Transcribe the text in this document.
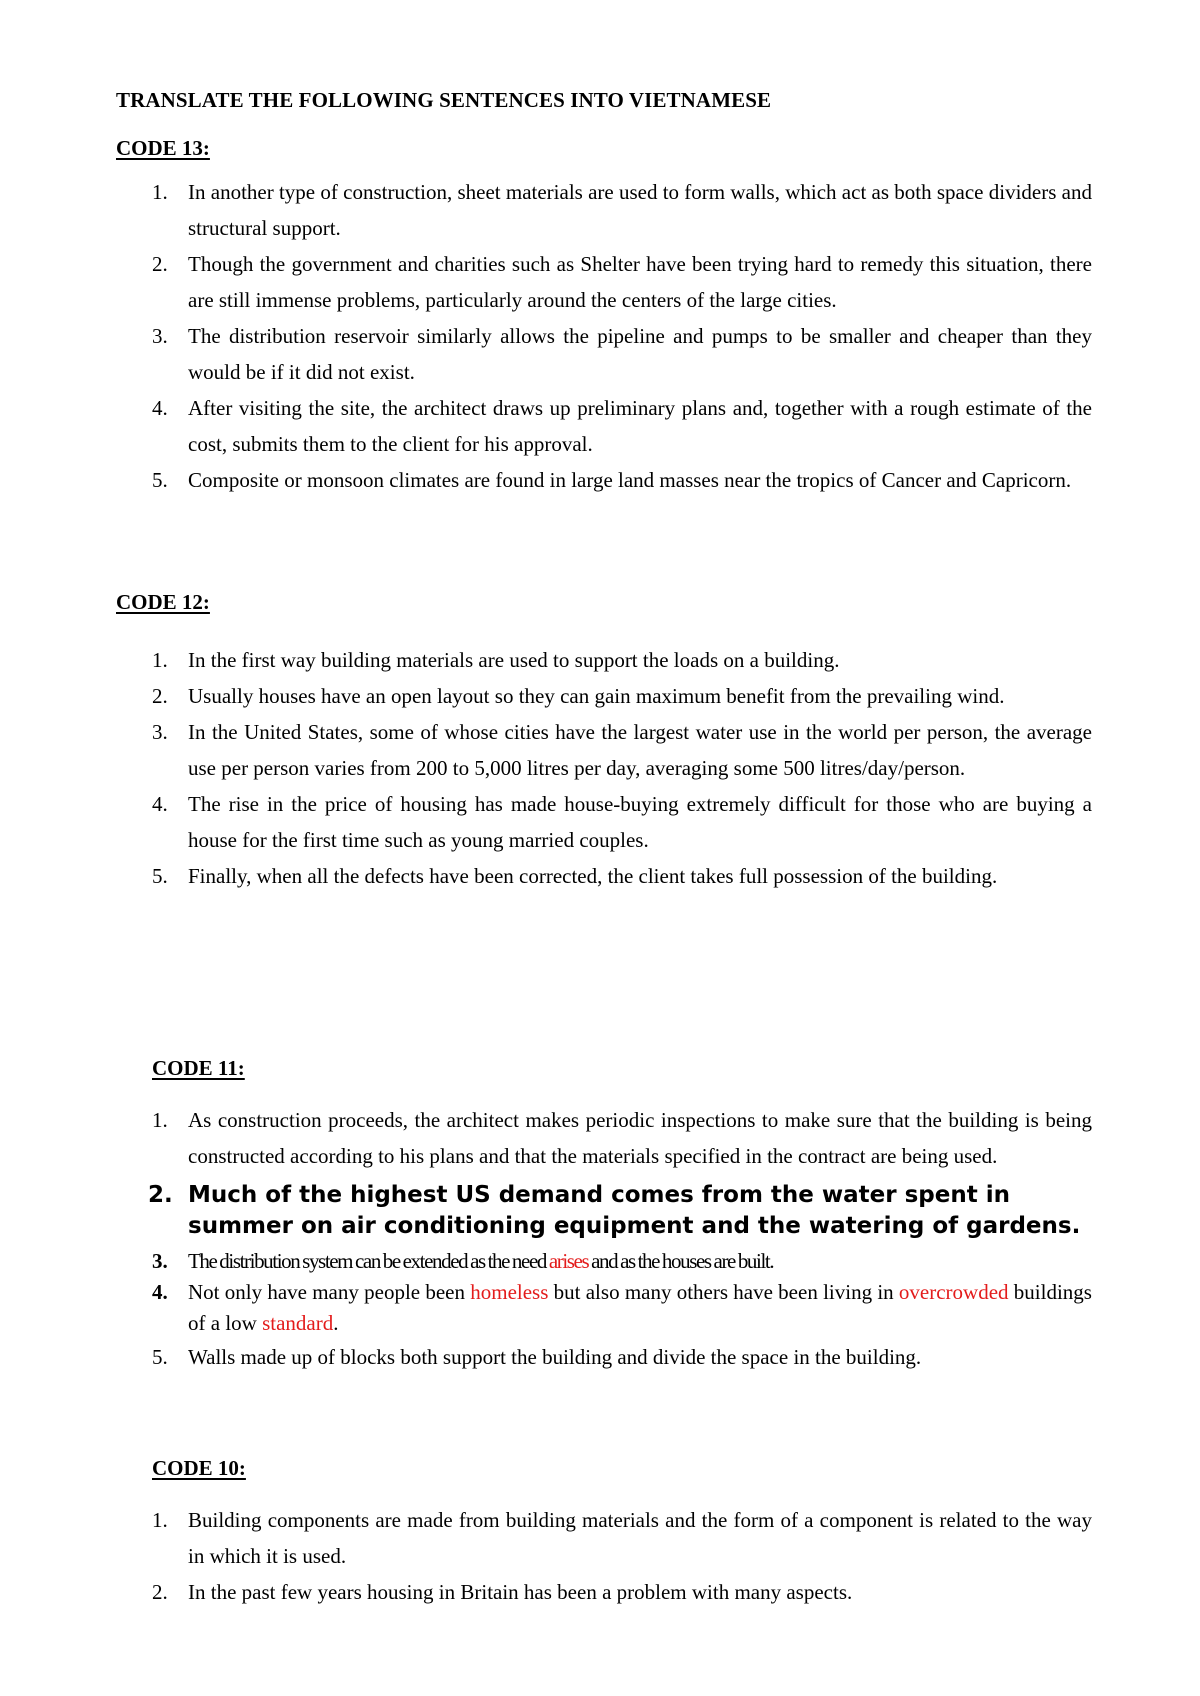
TRANSLATE THE FOLLOWING SENTENCES INTO VIETNAMESE
CODE 13:
1. In another type of construction, sheet materials are used to form walls, which act as both space dividers and structural support.
2. Though the government and charities such as Shelter have been trying hard to remedy this situation, there are still immense problems, particularly around the centers of the large cities.
3. The distribution reservoir similarly allows the pipeline and pumps to be smaller and cheaper than they would be if it did not exist.
4. After visiting the site, the architect draws up preliminary plans and, together with a rough estimate of the cost, submits them to the client for his approval.
5. Composite or monsoon climates are found in large land masses near the tropics of Cancer and Capricorn.
CODE 12:
1. In the first way building materials are used to support the loads on a building.
2. Usually houses have an open layout so they can gain maximum benefit from the prevailing wind.
3. In the United States, some of whose cities have the largest water use in the world per person, the average use per person varies from 200 to 5,000 litres per day, averaging some 500 litres/day/person.
4. The rise in the price of housing has made house-buying extremely difficult for those who are buying a house for the first time such as young married couples.
5. Finally, when all the defects have been corrected, the client takes full possession of the building.
CODE 11:
1. As construction proceeds, the architect makes periodic inspections to make sure that the building is being constructed according to his plans and that the materials specified in the contract are being used.
2. Much of the highest US demand comes from the water spent in summer on air conditioning equipment and the watering of gardens.
3. The distribution system can be extended as the need arises and as the houses are built.
4. Not only have many people been homeless but also many others have been living in overcrowded buildings of a low standard.
5. Walls made up of blocks both support the building and divide the space in the building.
CODE 10:
1. Building components are made from building materials and the form of a component is related to the way in which it is used.
2. In the past few years housing in Britain has been a problem with many aspects.
